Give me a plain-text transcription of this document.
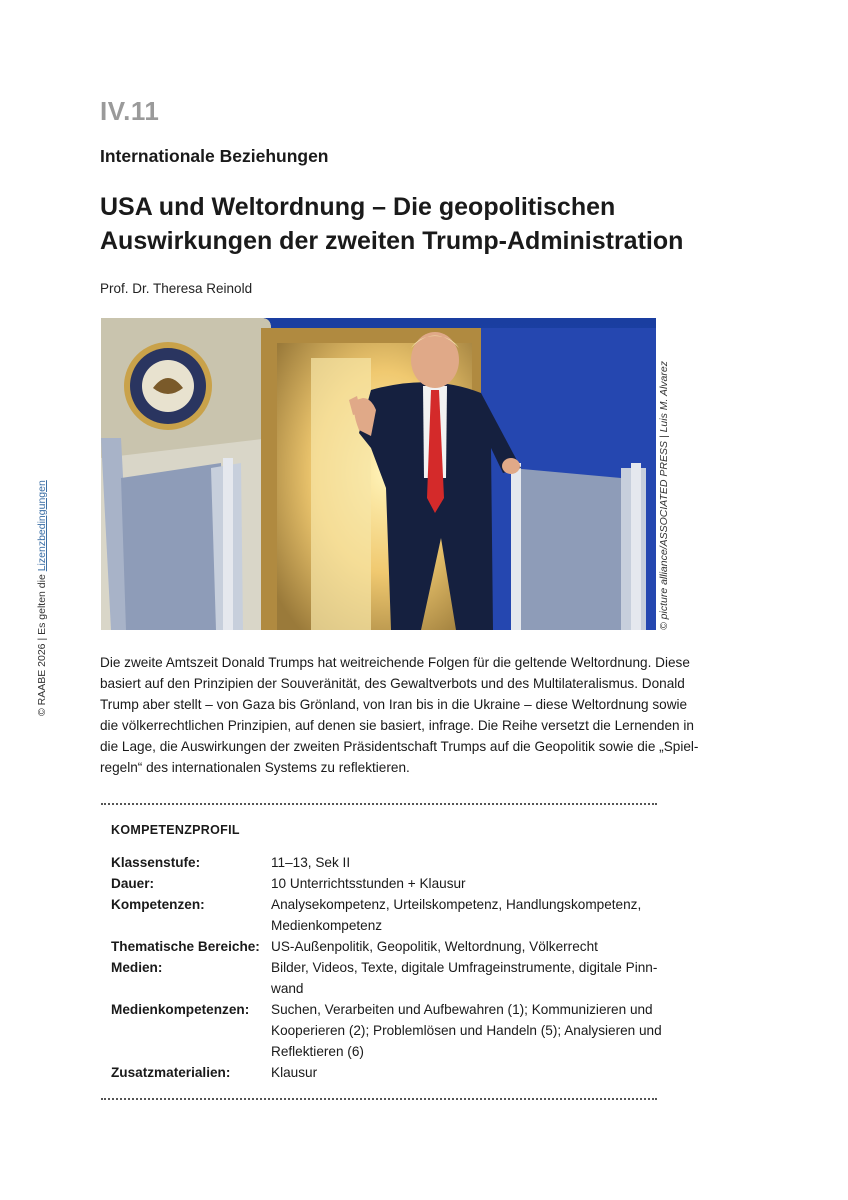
IV.11
Internationale Beziehungen
USA und Weltordnung – Die geopolitischen
Auswirkungen der zweiten Trump-Administration
Prof. Dr. Theresa Reinold
© picture alliance/ASSOCIATED PRESS | Luis M. Alvarez
© RAABE 2026 | Es gelten die Lizenzbedingungen
Die zweite Amtszeit Donald Trumps hat weitreichende Folgen für die geltende Weltordnung. Diese
basiert auf den Prinzipien der Souveränität, des Gewaltverbots und des Multilateralismus. Donald
Trump aber stellt – von Gaza bis Grönland, von Iran bis in die Ukraine – diese Weltordnung sowie
die völkerrechtlichen Prinzipien, auf denen sie basiert, infrage. Die Reihe versetzt die Lernenden in
die Lage, die Auswirkungen der zweiten Präsidentschaft Trumps auf die Geopolitik sowie die „Spiel-
regeln“ des internationalen Systems zu reflektieren.
KOMPETENZPROFIL
Klassenstufe:	11–13, Sek II
Dauer:	10 Unterrichtsstunden + Klausur
Kompetenzen:	Analysekompetenz, Urteilskompetenz, Handlungskompetenz,
Medienkompetenz
Thematische Bereiche: US-Außenpolitik, Geopolitik, Weltordnung, Völkerrecht
Medien:	Bilder, Videos, Texte, digitale Umfrageinstrumente, digitale Pinn-
wand
Medienkompetenzen:	Suchen, Verarbeiten und Aufbewahren (1); Kommunizieren und
Kooperieren (2); Problemlösen und Handeln (5); Analysieren und
Reflektieren (6)
Zusatzmaterialien:	Klausur
